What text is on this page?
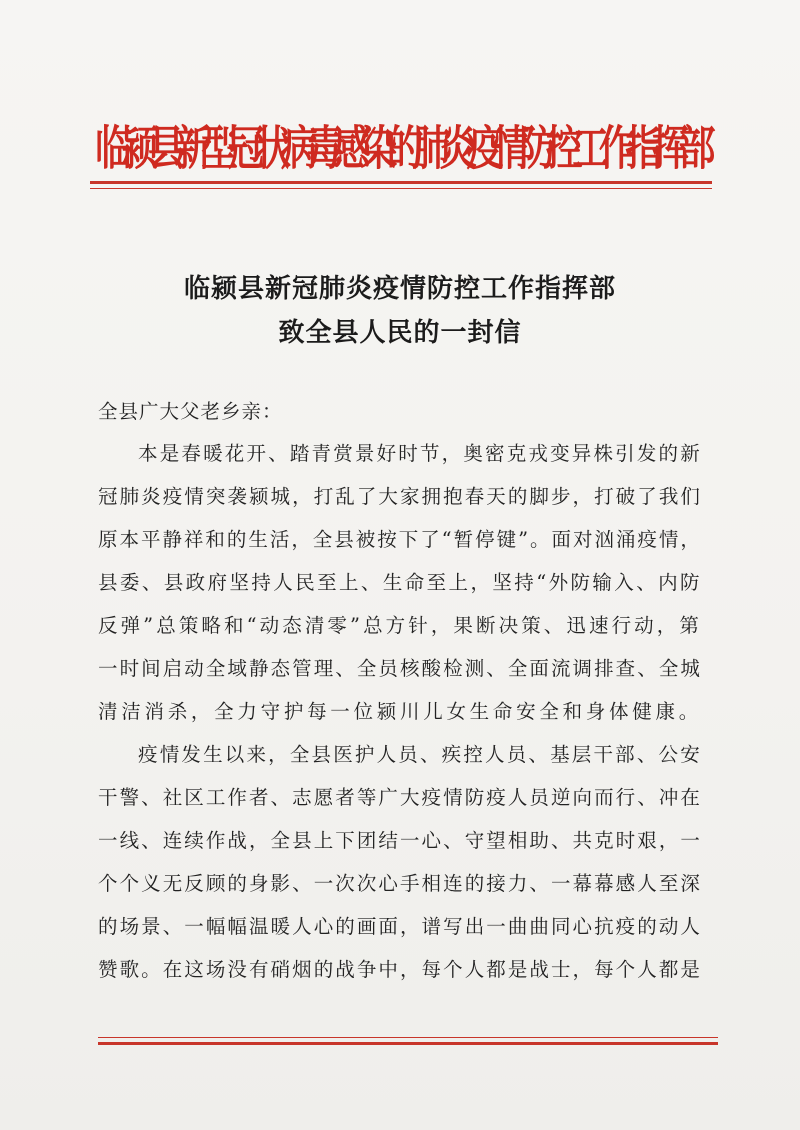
临颍县新型冠状病毒感染的肺炎疫情防控工作指挥部
临颍县新冠肺炎疫情防控工作指挥部
致全县人民的一封信
全县广大父老乡亲：
本是春暖花开、踏青赏景好时节，奥密克戎变异株引发的新
冠肺炎疫情突袭颍城，打乱了大家拥抱春天的脚步，打破了我们
原本平静祥和的生活，全县被按下了“暂停键”。面对汹涌疫情，
县委、县政府坚持人民至上、生命至上，坚持“外防输入、内防
反弹”总策略和“动态清零”总方针，果断决策、迅速行动，第
一时间启动全域静态管理、全员核酸检测、全面流调排查、全城
清洁消杀，全力守护每一位颍川儿女生命安全和身体健康。
疫情发生以来，全县医护人员、疾控人员、基层干部、公安
干警、社区工作者、志愿者等广大疫情防疫人员逆向而行、冲在
一线、连续作战，全县上下团结一心、守望相助、共克时艰，一
个个义无反顾的身影、一次次心手相连的接力、一幕幕感人至深
的场景、一幅幅温暖人心的画面，谱写出一曲曲同心抗疫的动人
赞歌。在这场没有硝烟的战争中，每个人都是战士，每个人都是
